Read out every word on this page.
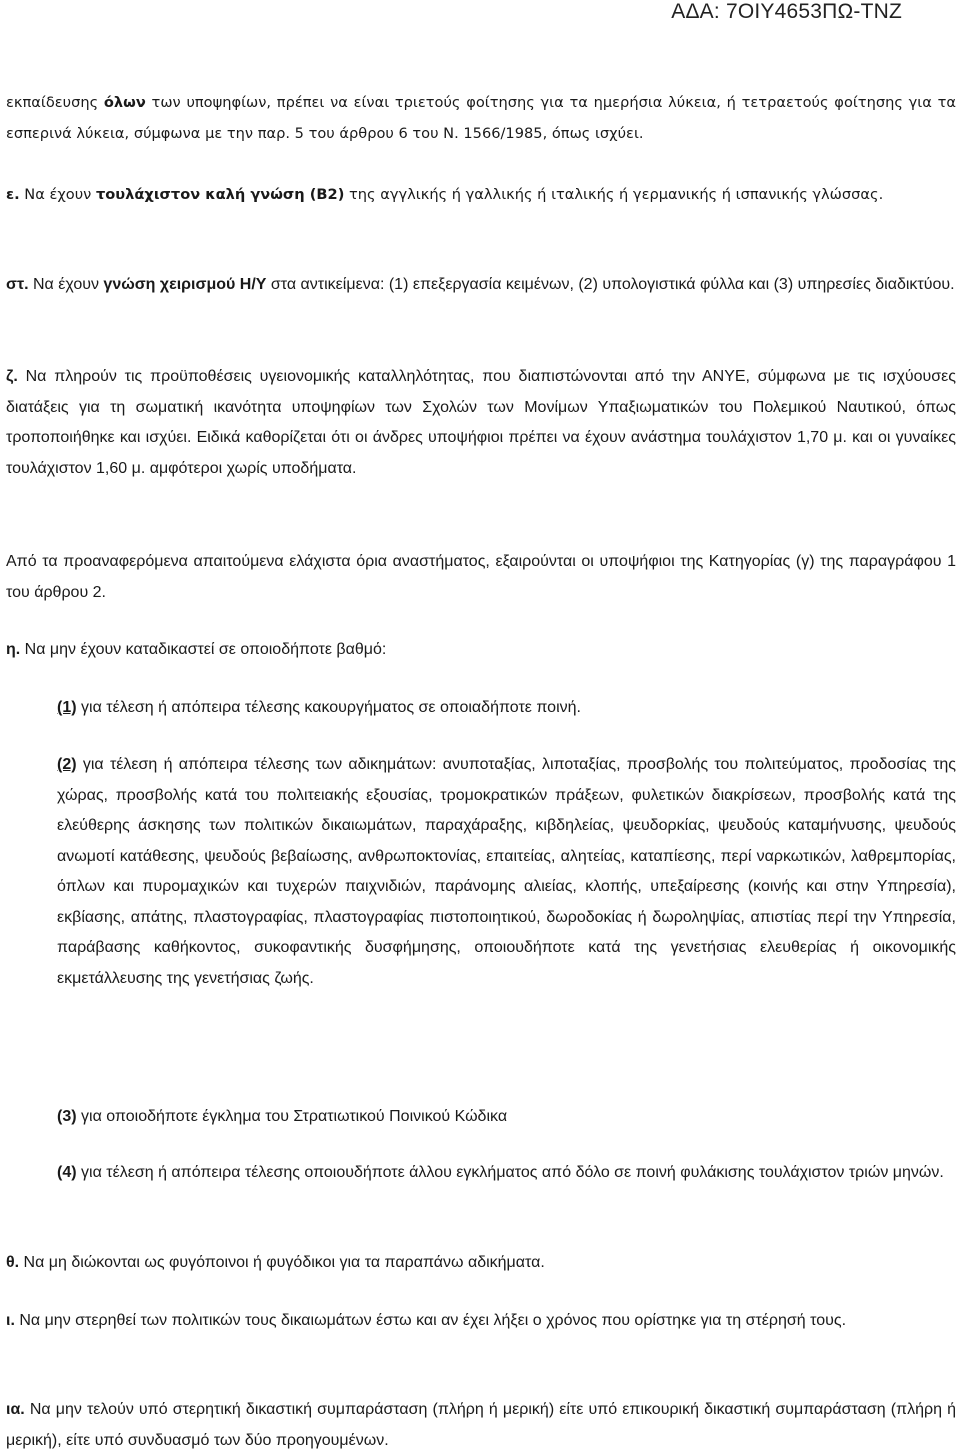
ΑΔΑ: 7ΟΙΥ4653ΠΩ-ΤΝΖ

εκπαίδευσης όλων των υποψηφίων, πρέπει να είναι τριετούς φοίτησης για τα ημερήσια λύκεια, ή τετραετούς φοίτησης για τα εσπερινά λύκεια, σύμφωνα με την παρ. 5 του άρθρου 6 του Ν. 1566/1985, όπως ισχύει.

ε. Να έχουν τουλάχιστον καλή γνώση (Β2) της αγγλικής ή γαλλικής ή ιταλικής ή γερμανικής ή ισπανικής γλώσσας.

στ. Να έχουν γνώση χειρισμού Η/Υ στα αντικείμενα: (1) επεξεργασία κειμένων, (2) υπολογιστικά φύλλα και (3) υπηρεσίες διαδικτύου.

ζ. Να πληρούν τις προϋποθέσεις υγειονομικής καταλληλότητας, που διαπιστώνονται από την ΑΝΥΕ, σύμφωνα με τις ισχύουσες διατάξεις για τη σωματική ικανότητα υποψηφίων των Σχολών των Μονίμων Υπαξιωματικών του Πολεμικού Ναυτικού, όπως τροποποιήθηκε και ισχύει. Ειδικά καθορίζεται ότι οι άνδρες υποψήφιοι πρέπει να έχουν ανάστημα τουλάχιστον 1,70 μ. και οι γυναίκες τουλάχιστον 1,60 μ. αμφότεροι χωρίς υποδήματα.

Από τα προαναφερόμενα απαιτούμενα ελάχιστα όρια αναστήματος, εξαιρούνται οι υποψήφιοι της Κατηγορίας (γ) της παραγράφου 1 του άρθρου 2.

η. Να μην έχουν καταδικαστεί σε οποιοδήποτε βαθμό:

(1) για τέλεση ή απόπειρα τέλεσης κακουργήματος σε οποιαδήποτε ποινή.

(2) για τέλεση ή απόπειρα τέλεσης των αδικημάτων: ανυποταξίας, λιποταξίας, προσβολής του πολιτεύματος, προδοσίας της χώρας, προσβολής κατά του πολιτειακής εξουσίας, τρομοκρατικών πράξεων, φυλετικών διακρίσεων, προσβολής κατά της ελεύθερης άσκησης των πολιτικών δικαιωμάτων, παραχάραξης, κιβδηλείας, ψευδορκίας, ψευδούς καταμήνυσης, ψευδούς ανωμοτί κατάθεσης, ψευδούς βεβαίωσης, ανθρωποκτονίας, επαιτείας, αλητείας, καταπίεσης, περί ναρκωτικών, λαθρεμπορίας, όπλων και πυρομαχικών και τυχερών παιχνιδιών, παράνομης αλιείας, κλοπής, υπεξαίρεσης (κοινής και στην Υπηρεσία), εκβίασης, απάτης, πλαστογραφίας, πλαστογραφίας πιστοποιητικού, δωροδοκίας ή δωροληψίας, απιστίας περί την Υπηρεσία, παράβασης καθήκοντος, συκοφαντικής δυσφήμησης, οποιουδήποτε κατά της γενετήσιας ελευθερίας ή οικονομικής εκμετάλλευσης της γενετήσιας ζωής.

(3) για οποιοδήποτε έγκλημα του Στρατιωτικού Ποινικού Κώδικα

(4) για τέλεση ή απόπειρα τέλεσης οποιουδήποτε άλλου εγκλήματος από δόλο σε ποινή φυλάκισης τουλάχιστον τριών μηνών.

θ. Να μη διώκονται ως φυγόποινοι ή φυγόδικοι για τα παραπάνω αδικήματα.

ι. Να μην στερηθεί των πολιτικών τους δικαιωμάτων έστω και αν έχει λήξει ο χρόνος που ορίστηκε για τη στέρησή τους.

ια. Να μην τελούν υπό στερητική δικαστική συμπαράσταση (πλήρη ή μερική) είτε υπό επικουρική δικαστική συμπαράσταση (πλήρη ή μερική), είτε υπό συνδυασμό των δύο προηγουμένων.
